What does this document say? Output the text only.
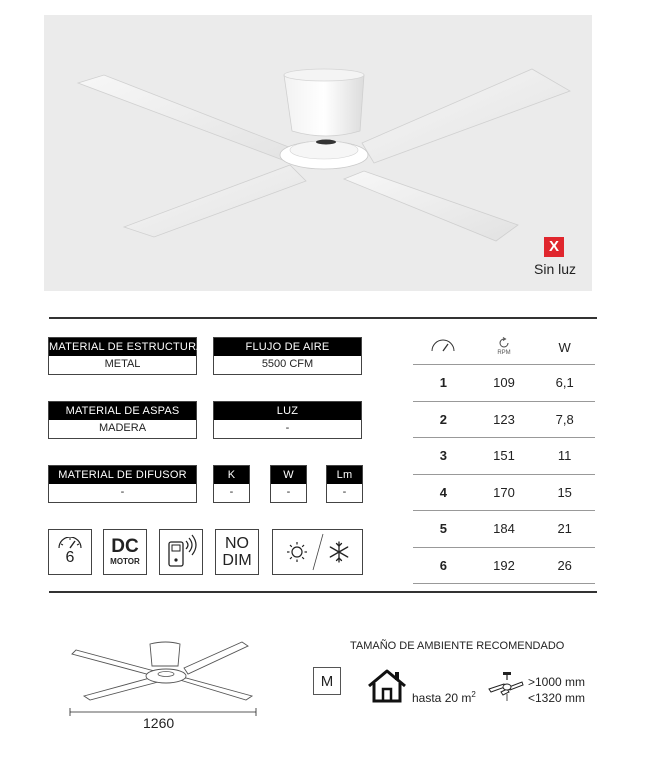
X
Sin luz
MATERIAL DE ESTRUCTURA
METAL
FLUJO DE AIRE
5500 CFM
MATERIAL DE ASPAS
MADERA
LUZ
-
MATERIAL DE DIFUSOR
-
K
-
W
-
Lm
-
6
DC
MOTOR
NO
DIM
RPM	W
1	109	6,1
2	123	7,8
3	151	11
4	170	15
5	184	21
6	192	26
1260
TAMAÑO DE AMBIENTE RECOMENDADO
M
hasta 20 $m^2$
>1000 mm
<1320 mm
